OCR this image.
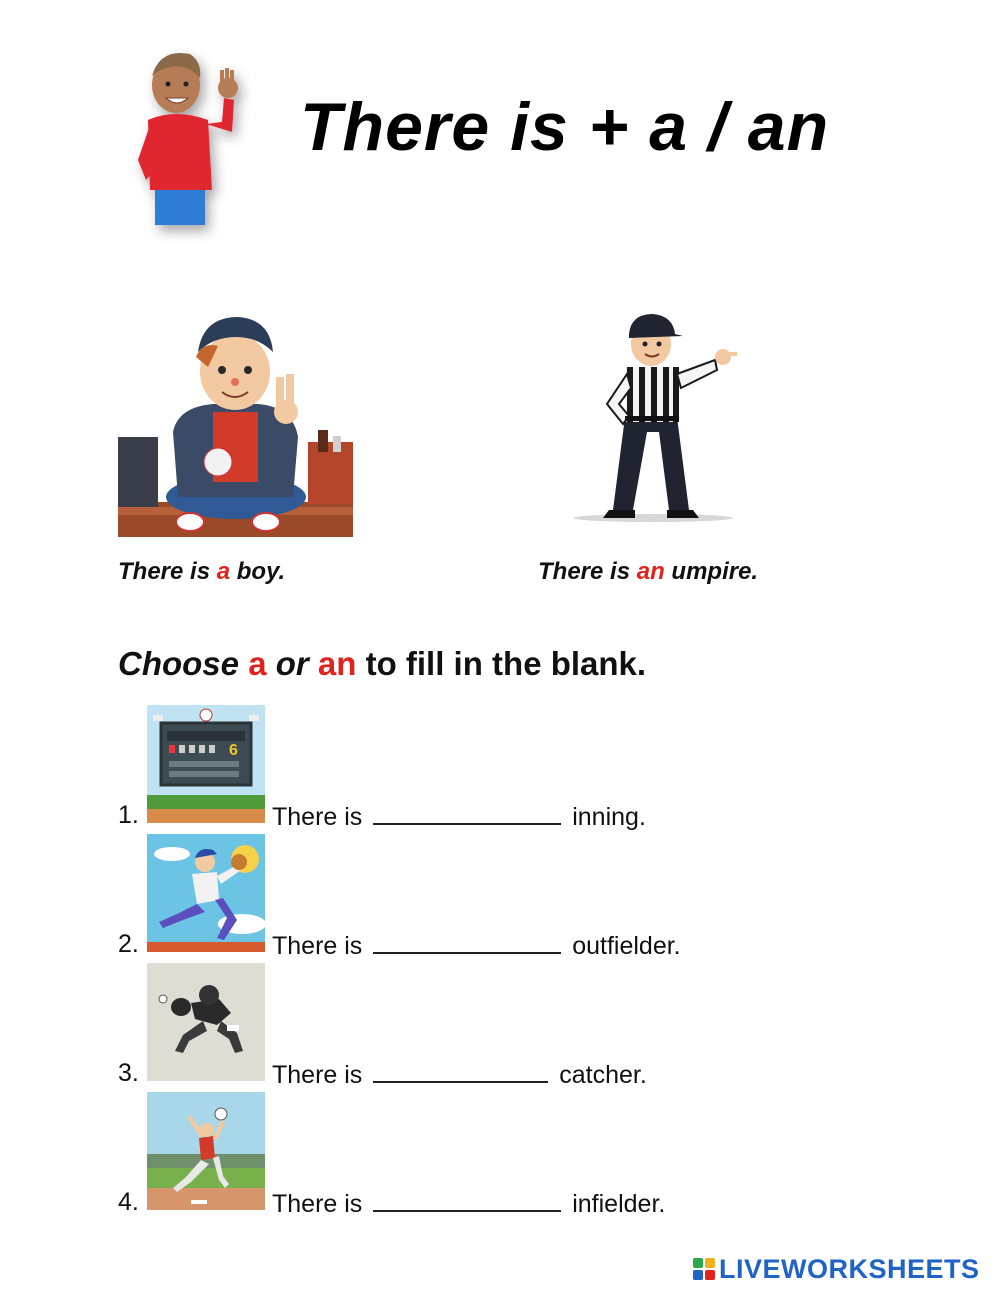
There is + a / an
There is a boy.	There is an umpire.
Choose a or an to fill in the blank.
6
1.	There is	inning.
2.	There is	outfielder.
3.	There is	catcher.
4.	There is	infielder.
LIVEWORKSHEETS
